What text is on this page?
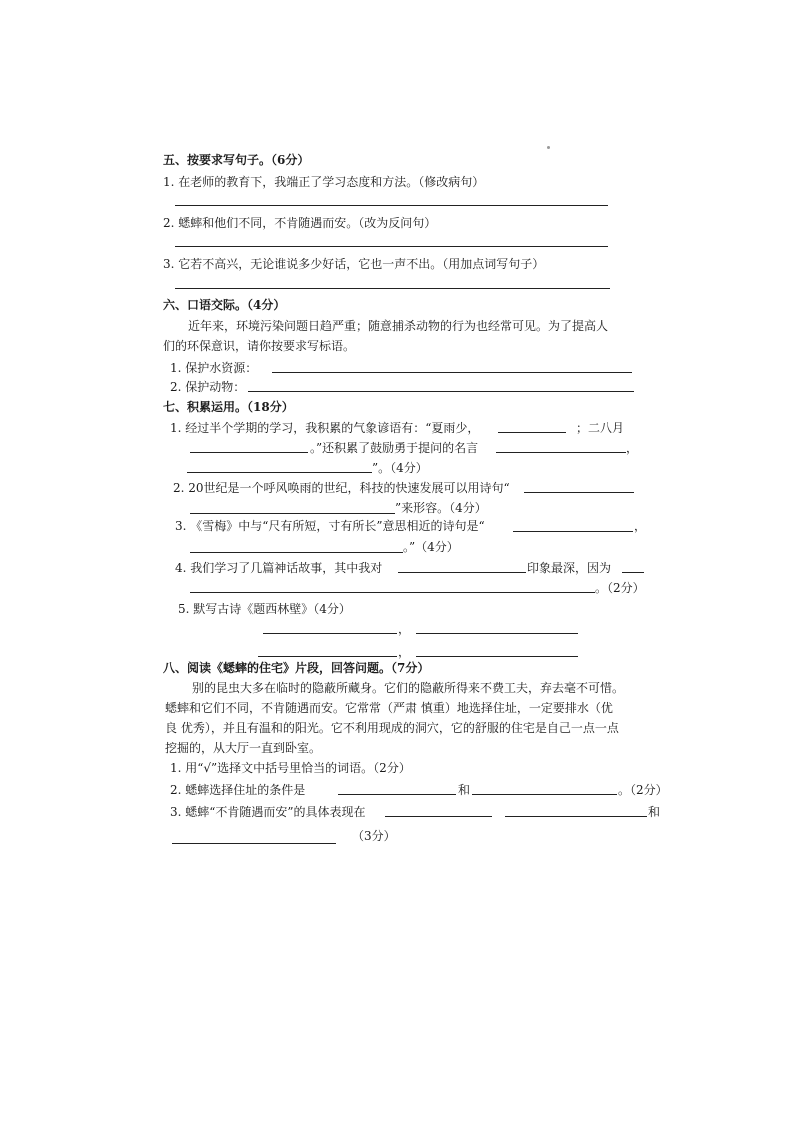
五、按要求写句子。（6分）
1. 在老师的教育下，我端正了学习态度和方法。（修改病句）
2. 蟋蟀和他们不同，不肯随遇而安。（改为反问句）
3. 它若不高兴，无论谁说多少好话，它也一声不出。（用加点词写句子）
六、口语交际。（4分）
近年来，环境污染问题日趋严重；随意捕杀动物的行为也经常可见。为了提高人
们的环保意识，请你按要求写标语。
1. 保护水资源：
2. 保护动物：
七、积累运用。（18分）
1. 经过半个学期的学习，我积累的气象谚语有：“夏雨少，	；二八月
。”还积累了鼓励勇于提问的名言	，
”。（4分）
2. 20世纪是一个呼风唤雨的世纪，科技的快速发展可以用诗句“
”来形容。（4分）
3. 《雪梅》中与“尺有所短，寸有所长”意思相近的诗句是“	，
。”（4分）
4. 我们学习了几篇神话故事，其中我对	印象最深，因为
。（2分）
5. 默写古诗《题西林壁》（4分）
，
，
八、阅读《蟋蟀的住宅》片段，回答问题。（7分）
别的昆虫大多在临时的隐蔽所藏身。它们的隐蔽所得来不费工夫，弃去毫不可惜。
蟋蟀和它们不同，不肯随遇而安。它常常（严肃 慎重）地选择住址，一定要排水（优
良 优秀），并且有温和的阳光。它不利用现成的洞穴，它的舒服的住宅是自己一点一点
挖掘的，从大厅一直到卧室。
1. 用“√”选择文中括号里恰当的词语。（2分）
2. 蟋蟀选择住址的条件是	和	。（2分）
3. 蟋蟀“不肯随遇而安”的具体表现在	和
（3分）
